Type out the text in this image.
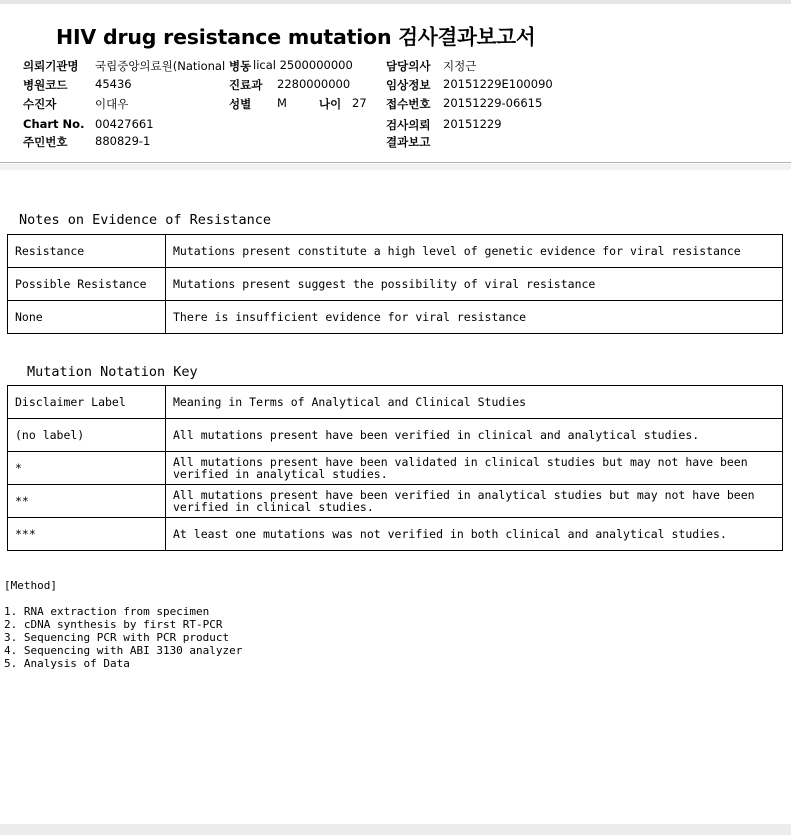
HIV drug resistance mutation 검사결과보고서
의뢰기관명 국립중앙의료원(National 병동 lical 2500000000	담당의사 지정근
병원코드 45436	진료과 2280000000	임상정보 20151229E100090
수진자	이대우	성별 M	나이 27 접수번호 20151229-06615
Chart No. 00427661	검사의뢰 20151229
주민번호 880829-1	결과보고
Notes on Evidence of Resistance
Resistance	Mutations present constitute a high level of genetic evidence for viral resistance
Possible Resistance	Mutations present suggest the possibility of viral resistance
None	There is insufficient evidence for viral resistance
Mutation Notation Key
Disclaimer Label	Meaning in Terms of Analytical and Clinical Studies
(no label)	All mutations present have been verified in clinical and analytical studies.
*	All mutations present have been validated in clinical studies but may not have been verified in analytical studies.
**	All mutations present have been verified in analytical studies but may not have been verified in clinical studies.
***	At least one mutations was not verified in both clinical and analytical studies.
[Method]
1. RNA extraction from specimen
2. cDNA synthesis by first RT-PCR
3. Sequencing PCR with PCR product
4. Sequencing with ABI 3130 analyzer
5. Analysis of Data
